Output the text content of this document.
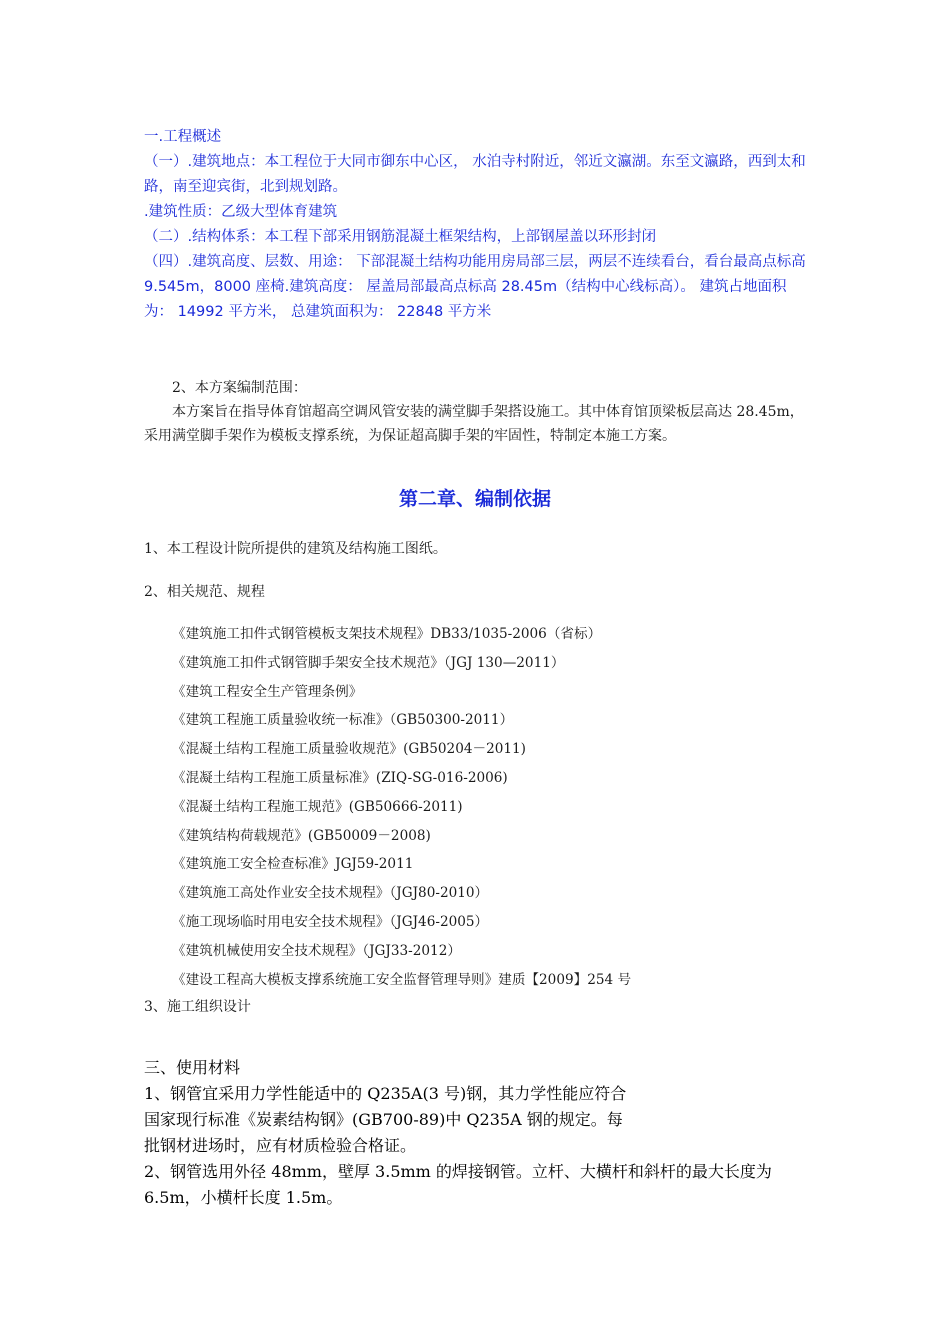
一.工程概述

（一）.建筑地点：本工程位于大同市御东中心区， 水泊寺村附近，邻近文瀛湖。东至文瀛路，西到太和路，南至迎宾街，北到规划路。

.建筑性质：乙级大型体育建筑

（二）.结构体系：本工程下部采用钢筋混凝土框架结构，上部钢屋盖以环形封闭

（四）.建筑高度、层数、用途： 下部混凝土结构功能用房局部三层，两层不连续看台，看台最高点标高 9.545m，8000 座椅.建筑高度： 屋盖局部最高点标高 28.45m（结构中心线标高）。 建筑占地面积为： 14992 平方米， 总建筑面积为： 22848 平方米

2、本方案编制范围：

本方案旨在指导体育馆超高空调风管安装的满堂脚手架搭设施工。其中体育馆顶梁板层高达 28.45m，采用满堂脚手架作为模板支撑系统，为保证超高脚手架的牢固性，特制定本施工方案。

第二章、编制依据
1、本工程设计院所提供的建筑及结构施工图纸。
2、相关规范、规程

《建筑施工扣件式钢管模板支架技术规程》DB33/1035-2006（省标）

《建筑施工扣件式钢管脚手架安全技术规范》（JGJ 130—2011）

《建筑工程安全生产管理条例》

《建筑工程施工质量验收统一标准》（GB50300-2011）

《混凝土结构工程施工质量验收规范》(GB50204－2011)

《混凝土结构工程施工质量标准》(ZIQ-SG-016-2006)

《混凝土结构工程施工规范》(GB50666-2011)

《建筑结构荷载规范》(GB50009－2008)

《建筑施工安全检查标准》JGJ59-2011

《建筑施工高处作业安全技术规程》（JGJ80-2010）

《施工现场临时用电安全技术规程》（JGJ46-2005）

《建筑机械使用安全技术规程》（JGJ33-2012）

《建设工程高大模板支撑系统施工安全监督管理导则》建质【2009】254 号

3、施工组织设计

三、使用材料

1、钢管宜采用力学性能适中的 Q235A(3 号)钢，其力学性能应符合

国家现行标准《炭素结构钢》(GB700-89)中 Q235A 钢的规定。每

批钢材进场时，应有材质检验合格证。

2、钢管选用外径 48mm，壁厚 3.5mm 的焊接钢管。立杆、大横杆和斜杆的最大长度为 6.5m，小横杆长度 1.5m。
